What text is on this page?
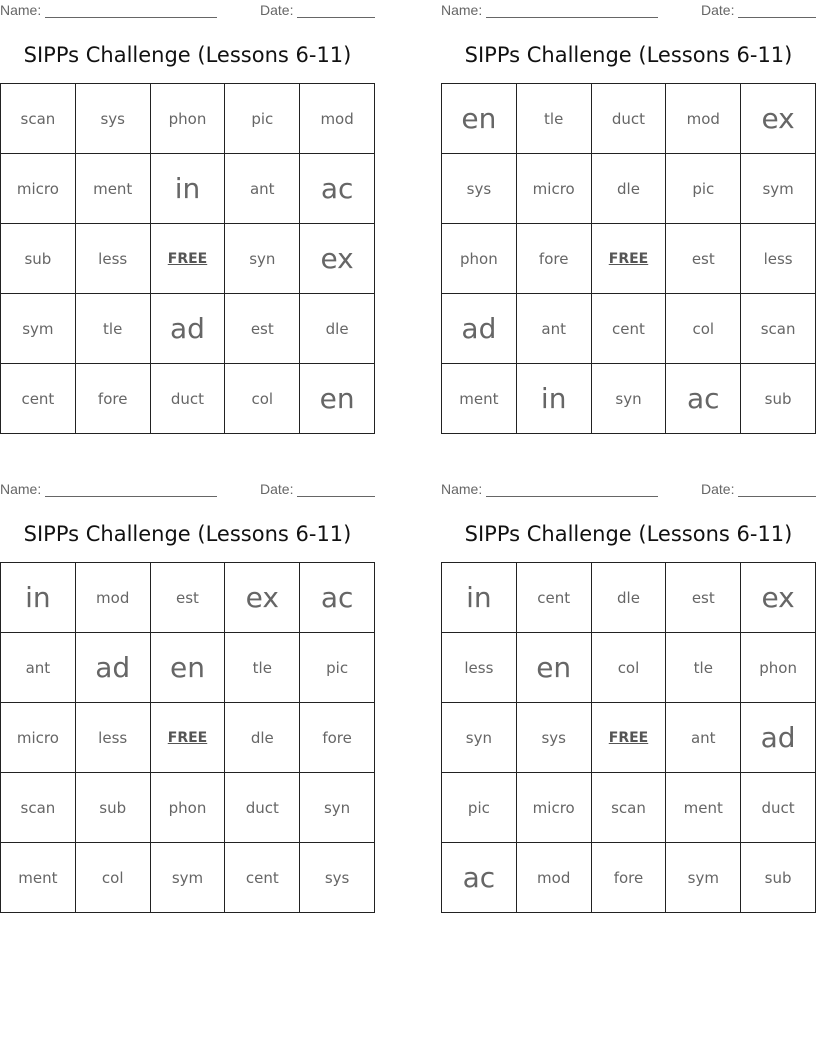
Name:	Date:
SIPPs Challenge (Lessons 6-11)
scan	sys	phon	pic	mod
micro	ment	in	ant	ac
sub	less	FREE	syn	ex
sym	tle	ad	est	dle
cent	fore	duct	col	en
Name:	Date:
SIPPs Challenge (Lessons 6-11)
en	tle	duct	mod	ex
sys	micro	dle	pic	sym
phon	fore	FREE	est	less
ad	ant	cent	col	scan
ment	in	syn	ac	sub
Name:	Date:
SIPPs Challenge (Lessons 6-11)
in	mod	est	ex	ac
ant	ad	en	tle	pic
micro	less	FREE	dle	fore
scan	sub	phon	duct	syn
ment	col	sym	cent	sys
Name:	Date:
SIPPs Challenge (Lessons 6-11)
in	cent	dle	est	ex
less	en	col	tle	phon
syn	sys	FREE	ant	ad
pic	micro	scan	ment	duct
ac	mod	fore	sym	sub
